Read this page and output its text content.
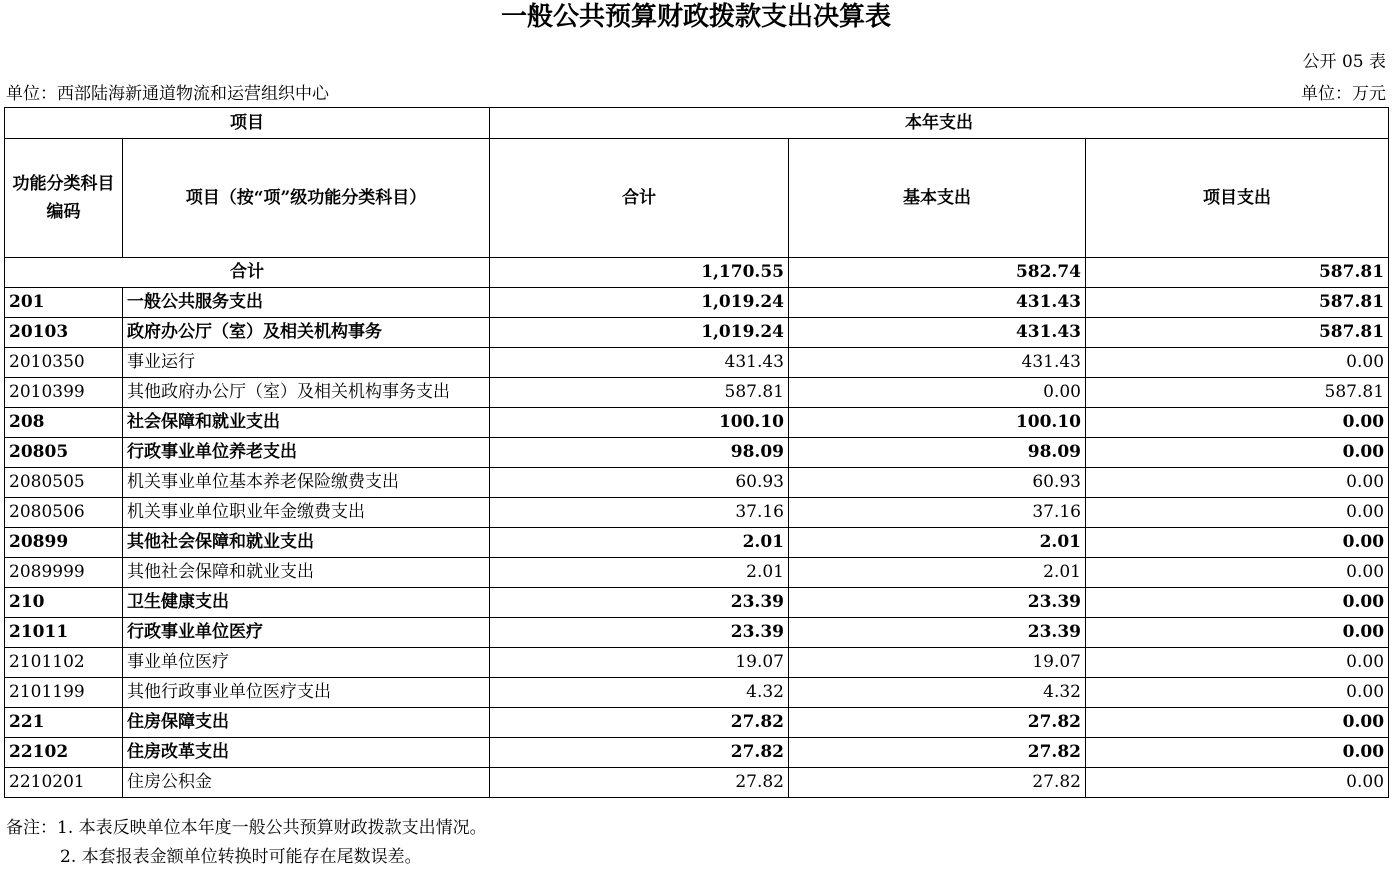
一般公共预算财政拨款支出决算表
公开 05 表
单位：西部陆海新通道物流和运营组织中心	单位：万元
项目		本年支出		
功能分类科目编码	项目（按“项”级功能分类科目）	合计	基本支出	项目支出
合计		1,170.55	582.74	587.81
201	一般公共服务支出	1,019.24	431.43	587.81
20103	政府办公厅（室）及相关机构事务	1,019.24	431.43	587.81
2010350	事业运行	431.43	431.43	0.00
2010399	其他政府办公厅（室）及相关机构事务支出	587.81	0.00	587.81
208	社会保障和就业支出	100.10	100.10	0.00
20805	行政事业单位养老支出	98.09	98.09	0.00
2080505	机关事业单位基本养老保险缴费支出	60.93	60.93	0.00
2080506	机关事业单位职业年金缴费支出	37.16	37.16	0.00
20899	其他社会保障和就业支出	2.01	2.01	0.00
2089999	其他社会保障和就业支出	2.01	2.01	0.00
210	卫生健康支出	23.39	23.39	0.00
21011	行政事业单位医疗	23.39	23.39	0.00
2101102	事业单位医疗	19.07	19.07	0.00
2101199	其他行政事业单位医疗支出	4.32	4.32	0.00
221	住房保障支出	27.82	27.82	0.00
22102	住房改革支出	27.82	27.82	0.00
2210201	住房公积金	27.82	27.82	0.00
备注：1. 本表反映单位本年度一般公共预算财政拨款支出情况。
2. 本套报表金额单位转换时可能存在尾数误差。
